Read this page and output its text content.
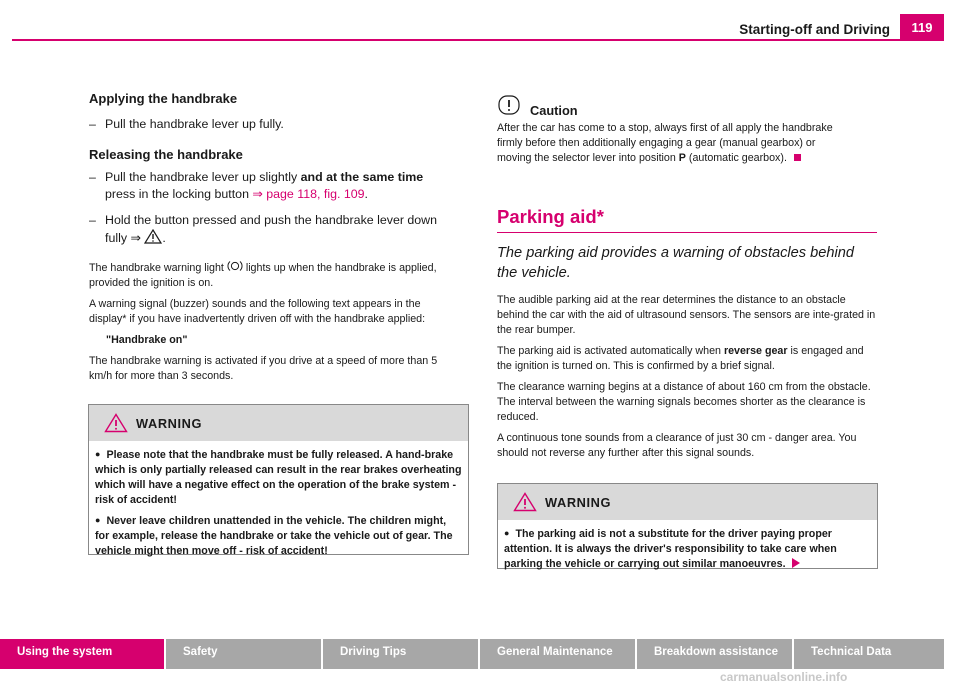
Starting-off and Driving	119

Applying the handbrake

– Pull the handbrake lever up fully.

Releasing the handbrake

– Pull the handbrake lever up slightly and at the same time
press in the locking button ⇒ page 118, fig. 109.
– Hold the button pressed and push the handbrake lever down
fully ⇒ .

The handbrake warning light  lights up when the handbrake is applied,
provided the ignition is on.

A warning signal (buzzer) sounds and the following text appears in the
display* if you have inadvertently driven off with the handbrake applied:

"Handbrake on"

The handbrake warning is activated if you drive at a speed of more than 5
km/h for more than 3 seconds.

WARNING

● Please note that the handbrake must be fully released. A hand-brake which is only partially released can result in the rear brakes overheating which will have a negative effect on the operation of the brake system - risk of accident!

● Never leave children unattended in the vehicle. The children might, for example, release the handbrake or take the vehicle out of gear. The vehicle might then move off - risk of accident!

Caution

After the car has come to a stop, always first of all apply the handbrake
firmly before then additionally engaging a gear (manual gearbox) or
moving the selector lever into position P (automatic gearbox).

Parking aid*

The parking aid provides a warning of obstacles behind the vehicle.

The audible parking aid at the rear determines the distance to an obstacle behind the car with the aid of ultrasound sensors. The sensors are inte-grated in the rear bumper.

The parking aid is activated automatically when reverse gear is engaged and the ignition is turned on. This is confirmed by a brief signal.

The clearance warning begins at a distance of about 160 cm from the obstacle. The interval between the warning signals becomes shorter as the clearance is reduced.

A continuous tone sounds from a clearance of just 30 cm - danger area. You should not reverse any further after this signal sounds.

WARNING

● The parking aid is not a substitute for the driver paying proper attention. It is always the driver's responsibility to take care when parking the vehicle or carrying out similar manoeuvres.

Using the system	Safety	Driving Tips	General Maintenance	Breakdown assistance	Technical Data
carmanualsonline.info
